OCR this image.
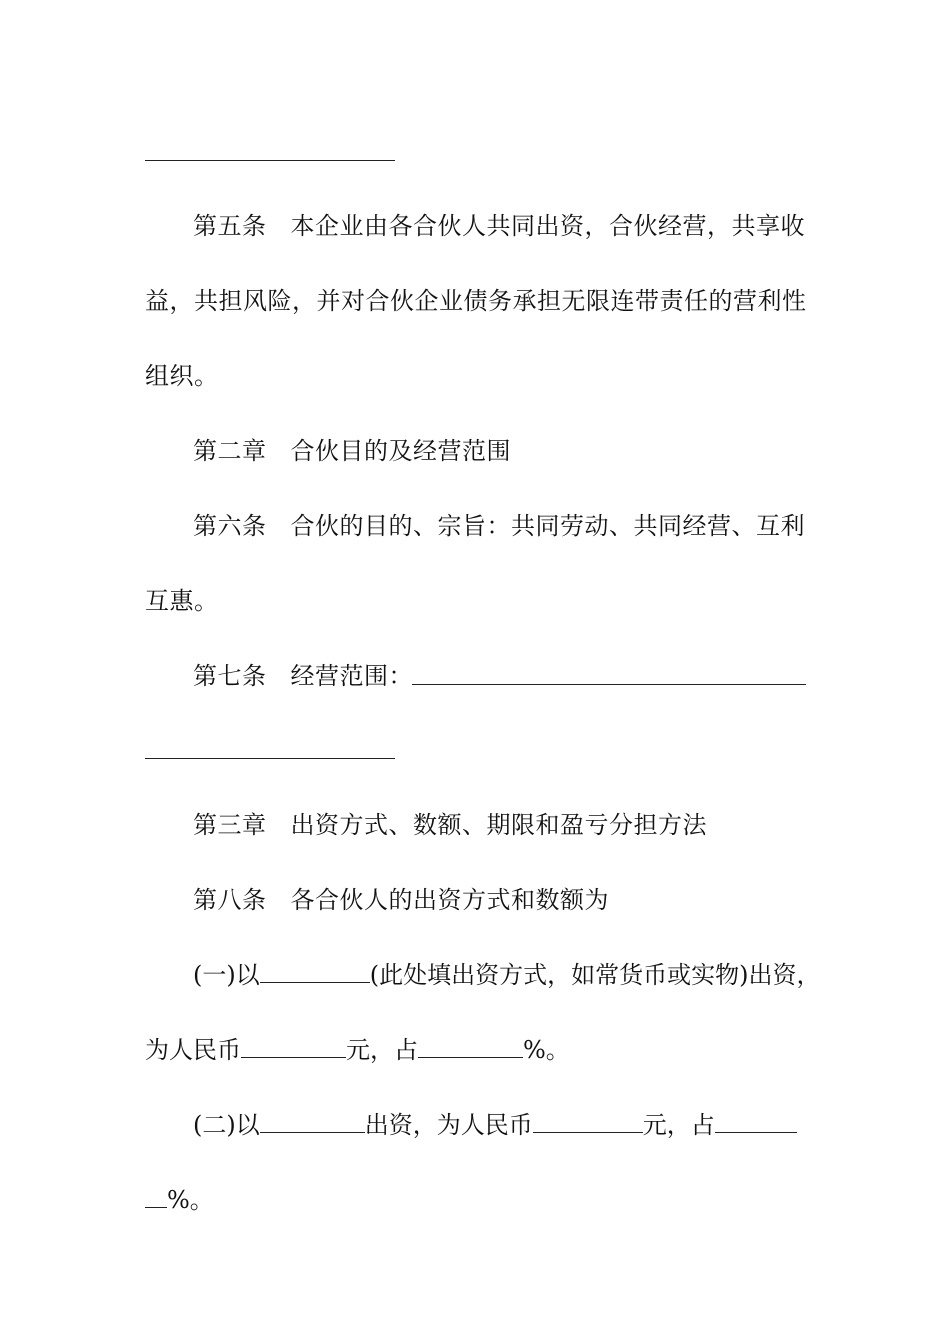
第五条 本企业由各合伙人共同出资，合伙经营，共享收
益，共担风险，并对合伙企业债务承担无限连带责任的营利性
组织。
第二章 合伙目的及经营范围
第六条 合伙的目的、宗旨：共同劳动、共同经营、互利
互惠。
第七条 经营范围：
第三章 出资方式、数额、期限和盈亏分担方法
第八条 各合伙人的出资方式和数额为
(一)以	(此处填出资方式，如常货币或实物)出资，
为人民币	元，占	%。
(二)以	出资，为人民币	元，占
%。
